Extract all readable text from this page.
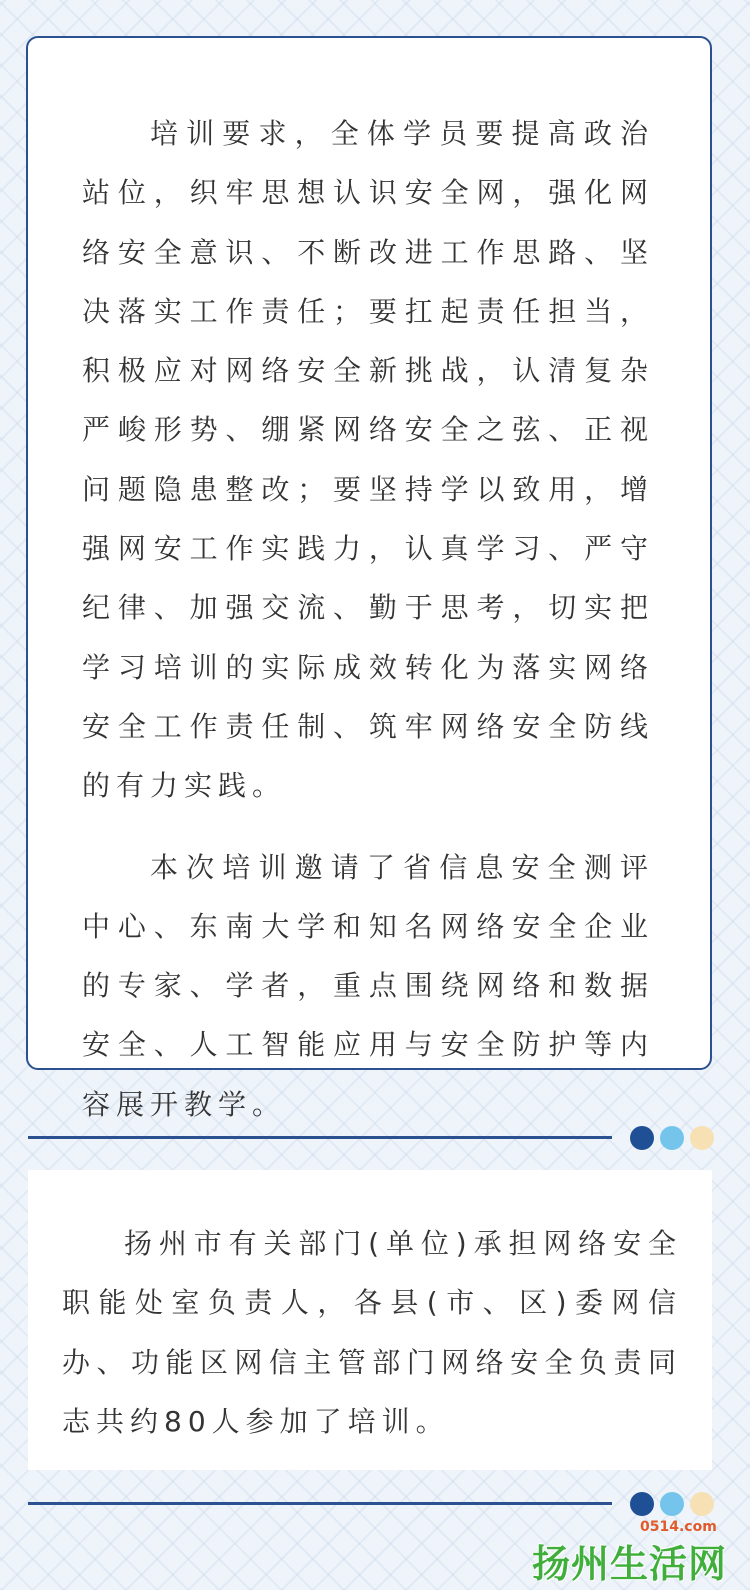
培训要求，全体学员要提高政治站位，织牢思想认识安全网，强化网络安全意识、不断改进工作思路、坚决落实工作责任；要扛起责任担当，积极应对网络安全新挑战，认清复杂严峻形势、绷紧网络安全之弦、正视问题隐患整改；要坚持学以致用，增强网安工作实践力，认真学习、严守纪律、加强交流、勤于思考，切实把学习培训的实际成效转化为落实网络安全工作责任制、筑牢网络安全防线的有力实践。

本次培训邀请了省信息安全测评中心、东南大学和知名网络安全企业的专家、学者，重点围绕网络和数据安全、人工智能应用与安全防护等内容展开教学。

扬州市有关部门(单位)承担网络安全职能处室负责人，各县(市、区)委网信办、功能区网信主管部门网络安全负责同志共约80人参加了培训。

0514.com
扬州生活网
